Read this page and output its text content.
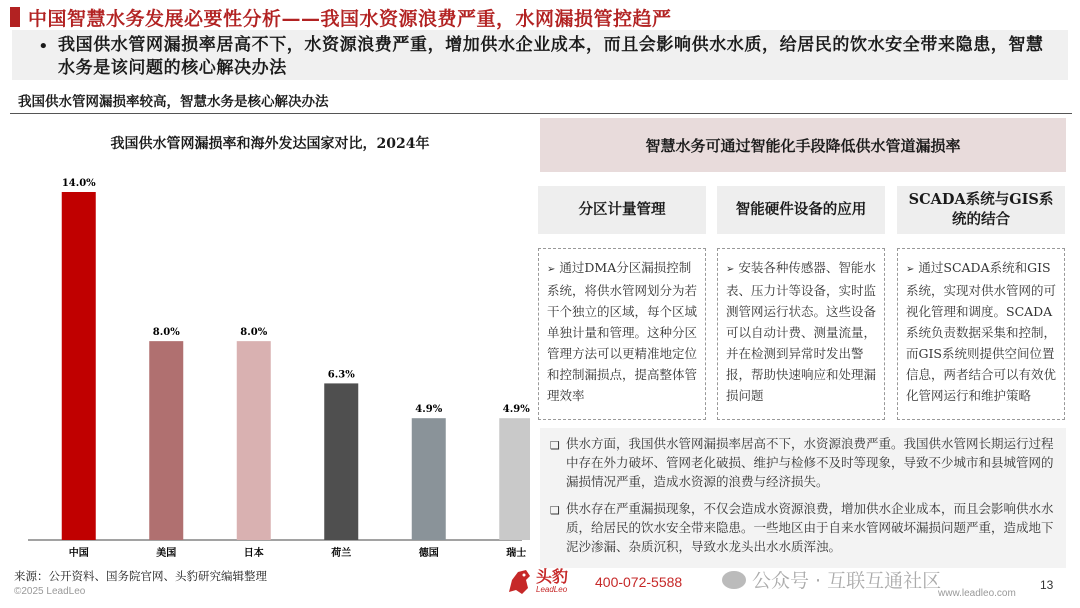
中国智慧水务发展必要性分析——我国水资源浪费严重，水网漏损管控趋严
• 我国供水管网漏损率居高不下，水资源浪费严重，增加供水企业成本，而且会影响供水水质，给居民的饮水安全带来隐患，智慧水务是该问题的核心解决办法
我国供水管网漏损率较高，智慧水务是核心解决办法
我国供水管网漏损率和海外发达国家对比，2024年
14.0%
中国
8.0%
美国
8.0%
日本
6.3%
荷兰
4.9%
德国
4.9%
瑞士
智慧水务可通过智能化手段降低供水管道漏损率
分区计量管理	智能硬件设备的应用
SCADA系统与GIS系统的结合
➢ 通过DMA分区漏损控制系统，将供水管网划分为若干个独立的区域，每个区域单独计量和管理。这种分区管理方法可以更精准地定位和控制漏损点，提高整体管理效率
➢ 安装各种传感器、智能水表、压力计等设备，实时监测管网运行状态。这些设备可以自动计费、测量流量，并在检测到异常时发出警报，帮助快速响应和处理漏损问题
➢ 通过SCADA系统和GIS系统，实现对供水管网的可视化管理和调度。SCADA系统负责数据采集和控制，而GIS系统则提供空间位置信息，两者结合可以有效优化管网运行和维护策略
❑ 供水方面，我国供水管网漏损率居高不下，水资源浪费严重。我国供水管网长期运行过程中存在外力破坏、管网老化破损、维护与检修不及时等现象，导致不少城市和县城管网的漏损情况严重，造成水资源的浪费与经济损失。
❑ 供水存在严重漏损现象，不仅会造成水资源浪费，增加供水企业成本，而且会影响供水水质，给居民的饮水安全带来隐患。一些地区由于自来水管网破坏漏损问题严重，造成地下泥沙渗漏、杂质沉积，导致水龙头出水水质浑浊。
来源：公开资料、国务院官网、头豹研究编辑整理
©2025 LeadLeo
头豹
LeadLeo 400-072-5588	公众号 · 互联互通社区
www.leadleo.com
13
